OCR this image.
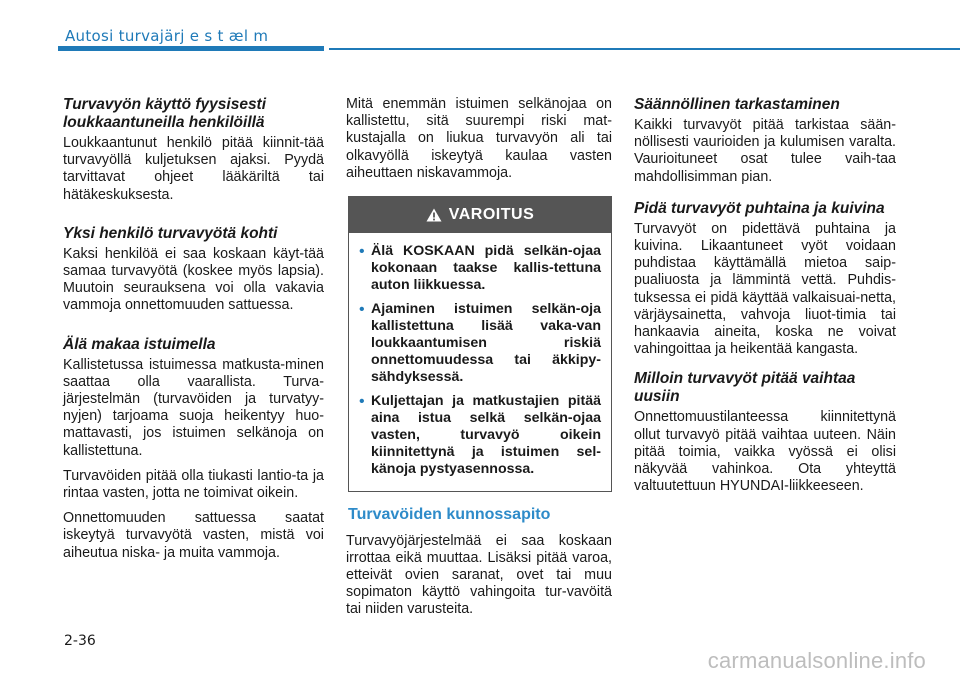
Autosi turvajärj e s t æl m
Turvavyön käyttö fyysisesti loukkaantuneilla henkilöillä
Loukkaantunut henkilö pitää kiinnit-tää turvavyöllä kuljetuksen ajaksi. Pyydä tarvittavat ohjeet lääkäriltä tai hätäkeskuksesta.
Yksi henkilö turvavyötä kohti
Kaksi henkilöä ei saa koskaan käyt-tää samaa turvavyötä (koskee myös lapsia). Muutoin seurauksena voi olla vakavia vammoja onnettomuuden sattuessa.
Älä makaa istuimella
Kallistetussa istuimessa matkusta-minen saattaa olla vaarallista. Turva-järjestelmän (turvavöiden ja turvatyy-nyjen) tarjoama suoja heikentyy huo-mattavasti, jos istuimen selkänoja on kallistettuna.
Turvavöiden pitää olla tiukasti lantio-ta ja rintaa vasten, jotta ne toimivat oikein.
Onnettomuuden sattuessa saatat iskeytyä turvavyötä vasten, mistä voi aiheutua niska- ja muita vammoja.
Mitä enemmän istuimen selkänojaa on kallistettu, sitä suurempi riski mat-kustajalla on liukua turvavyön ali tai olkavyöllä iskeytyä kaulaa vasten aiheuttaen niskavammoja.
VAROITUS
• Älä KOSKAAN pidä selkän-ojaa kokonaan taakse kallis-tettuna auton liikkuessa.
• Ajaminen istuimen selkän-oja kallistettuna lisää vaka-van loukkaantumisen riskiä onnettomuudessa tai äkkipy-sähdyksessä.
• Kuljettajan ja matkustajien pitää aina istua selkä selkän-ojaa vasten, turvavyö oikein kiinnitettynä ja istuimen sel-känoja pystyasennossa.
Turvavöiden kunnossapito
Turvavyöjärjestelmää ei saa koskaan irrottaa eikä muuttaa. Lisäksi pitää varoa, etteivät ovien saranat, ovet tai muu sopimaton käyttö vahingoita tur-vavöitä tai niiden varusteita.
Säännöllinen tarkastaminen
Kaikki turvavyöt pitää tarkistaa sään-nöllisesti vaurioiden ja kulumisen varalta. Vaurioituneet osat tulee vaih-taa mahdollisimman pian.
Pidä turvavyöt puhtaina ja kuivina
Turvavyöt on pidettävä puhtaina ja kuivina. Likaantuneet vyöt voidaan puhdistaa käyttämällä mietoa saip-pualiuosta ja lämmintä vettä. Puhdis-tuksessa ei pidä käyttää valkaisuai-netta, värjäysainetta, vahvoja liuot-timia tai hankaavia aineita, koska ne voivat vahingoittaa ja heikentää kangasta.
Milloin turvavyöt pitää vaihtaa uusiin
Onnettomuustilanteessa kiinnitettynä ollut turvavyö pitää vaihtaa uuteen. Näin pitää toimia, vaikka vyössä ei olisi näkyvää vahinkoa. Ota yhteyttä valtuutettuun HYUNDAI-liikkeeseen.
2-36
carmanualsonline.info
